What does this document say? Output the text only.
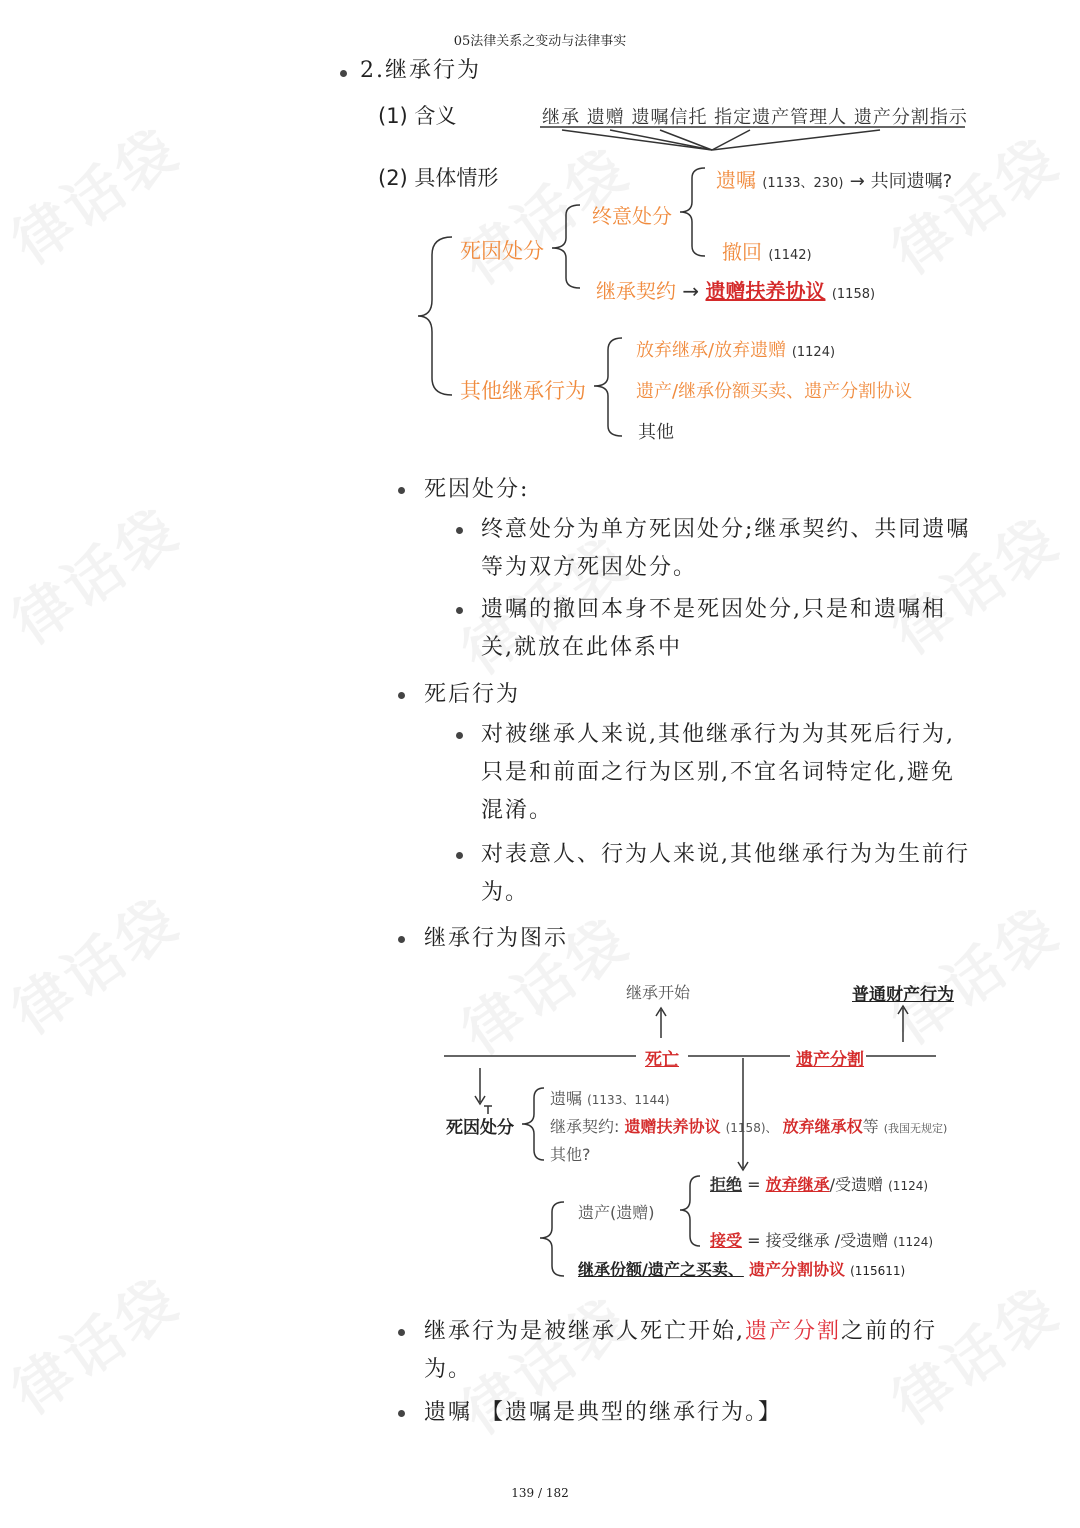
05法律关系之变动与法律事实
2.继承行为
(1) 含义	继承 遗赠 遗嘱信托 指定遗产管理人 遗产分割指示
(2) 具体情形
死因处分
终意处分
遗嘱 (1133、230) → 共同遗嘱?
撤回 (1142)
继承契约 → 遗赠扶养协议 (1158)
其他继承行为
放弃继承/放弃遗赠 (1124)
遗产/继承份额买卖、遗产分割协议
其他
死因处分:
终意处分为单方死因处分;继承契约、共同遗嘱等为双方死因处分。
遗嘱的撤回本身不是死因处分,只是和遗嘱相关,就放在此体系中
死后行为
对被继承人来说,其他继承行为为其死后行为,只是和前面之行为区别,不宜名词特定化,避免混淆。
对表意人、行为人来说,其他继承行为为生前行为。
继承行为图示
继承开始	普通财产行为
死亡	遗产分割
死因处分
遗嘱 (1133、1144)
继承契约: 遗赠扶养协议 (1158)、 放弃继承权等 (我国无规定)
其他?
遗产(遗赠)
拒绝 = 放弃继承/受遗赠 (1124)
接受 = 接受继承 /受遗赠 (1124)
继承份额/遗产之买卖、 遗产分割协议 (115611)
继承行为是被继承人死亡开始,遗产分割之前的行为。
遗嘱 【遗嘱是典型的继承行为。】
139 / 182
